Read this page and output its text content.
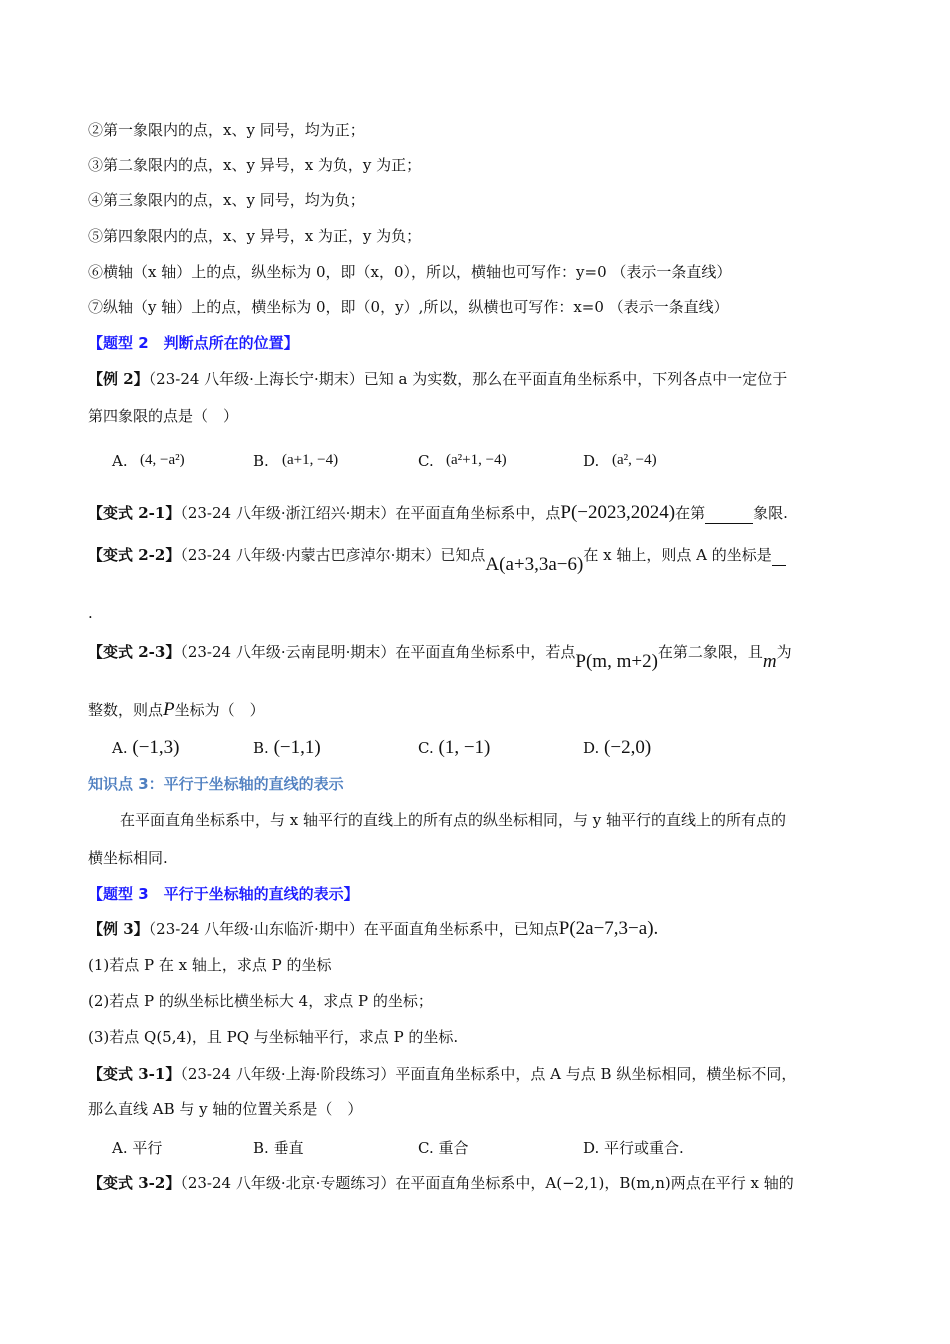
②第一象限内的点，x、y 同号，均为正；
③第二象限内的点，x、y 异号，x 为负，y 为正；
④第三象限内的点，x、y 同号，均为负；
⑤第四象限内的点，x、y 异号，x 为正，y 为负；
⑥横轴（x 轴）上的点，纵坐标为 0，即（x，0），所以，横轴也可写作：y=0 （表示一条直线）
⑦纵轴（y 轴）上的点，横坐标为 0，即（0，y）,所以，纵横也可写作：x=0 （表示一条直线）
【题型 2　判断点所在的位置】
【例 2】（23-24 八年级·上海长宁·期末）已知 a 为实数，那么在平面直角坐标系中，下列各点中一定位于
第四象限的点是（　）
A. (4, −a²)	B. (a+1, −4)	C. (a²+1, −4)	D. (a², −4)
【变式 2-1】（23-24 八年级·浙江绍兴·期末）在平面直角坐标系中，点P(−2023,2024)在第	象限.
【变式 2-2】（23-24 八年级·内蒙古巴彦淖尔·期末）已知点A(a+3,3a−6)在 x 轴上，则点 A 的坐标是
.
【变式 2-3】（23-24 八年级·云南昆明·期末）在平面直角坐标系中，若点P(m, m+2)在第二象限，且m为
整数，则点P坐标为（　）
A. (−1,3)	B. (−1,1)	C. (1, −1)	D. (−2,0)
知识点 3：平行于坐标轴的直线的表示
在平面直角坐标系中，与 x 轴平行的直线上的所有点的纵坐标相同，与 y 轴平行的直线上的所有点的
横坐标相同.
【题型 3　平行于坐标轴的直线的表示】
【例 3】（23-24 八年级·山东临沂·期中）在平面直角坐标系中，已知点P(2a−7,3−a).
(1)若点 P 在 x 轴上，求点 P 的坐标
(2)若点 P 的纵坐标比横坐标大 4，求点 P 的坐标；
(3)若点 Q(5,4)，且 PQ 与坐标轴平行，求点 P 的坐标.
【变式 3-1】（23-24 八年级·上海·阶段练习）平面直角坐标系中，点 A 与点 B 纵坐标相同，横坐标不同，
那么直线 AB 与 y 轴的位置关系是（　）
A. 平行	B. 垂直	C. 重合	D. 平行或重合.
【变式 3-2】（23-24 八年级·北京·专题练习）在平面直角坐标系中，A(−2,1)，B(m,n)两点在平行 x 轴的
